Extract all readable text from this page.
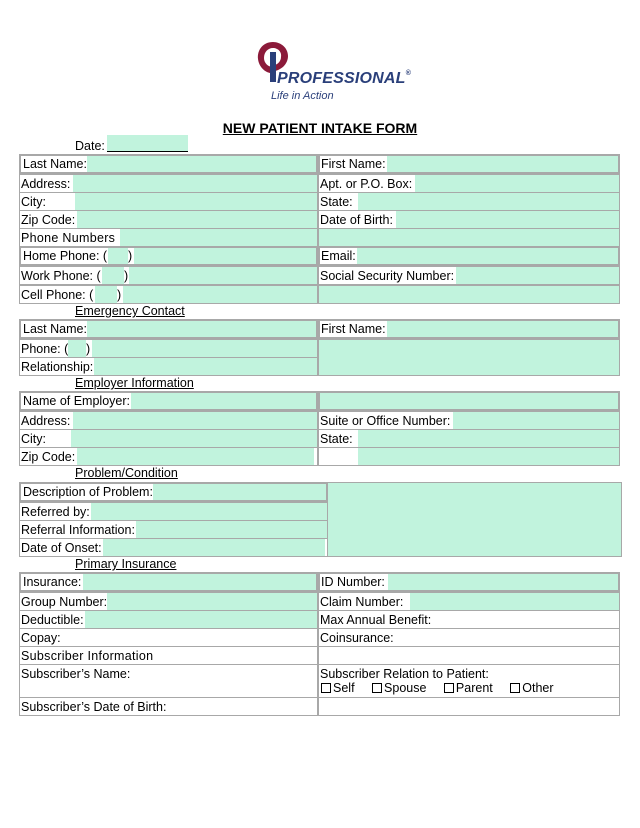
PROFESSIONAL®
Life in Action
NEW PATIENT INTAKE FORM
Date:
Last Name:	First Name:
Address:	Apt. or P.O. Box:
City:	State:
Zip Code:	Date of Birth:
Phone Numbers
Home Phone: ( )	Email:
Work Phone: ( )	Social Security Number:
Cell Phone: ( )
Emergency Contact
Last Name:	First Name:
Phone: ( )
Relationship:
Employer Information
Name of Employer:
Address:	Suite or Office Number:
City:	State:
Zip Code:
Problem/Condition
Description of Problem:
Referred by:
Referral Information:
Date of Onset:
Primary Insurance
Insurance:	ID Number:
Group Number:	Claim Number:
Deductible:	Max Annual Benefit:
Copay:	Coinsurance:
Subscriber Information
Subscriber’s Name:	Subscriber Relation to Patient:
Self Spouse Parent Other
Subscriber’s Date of Birth:
